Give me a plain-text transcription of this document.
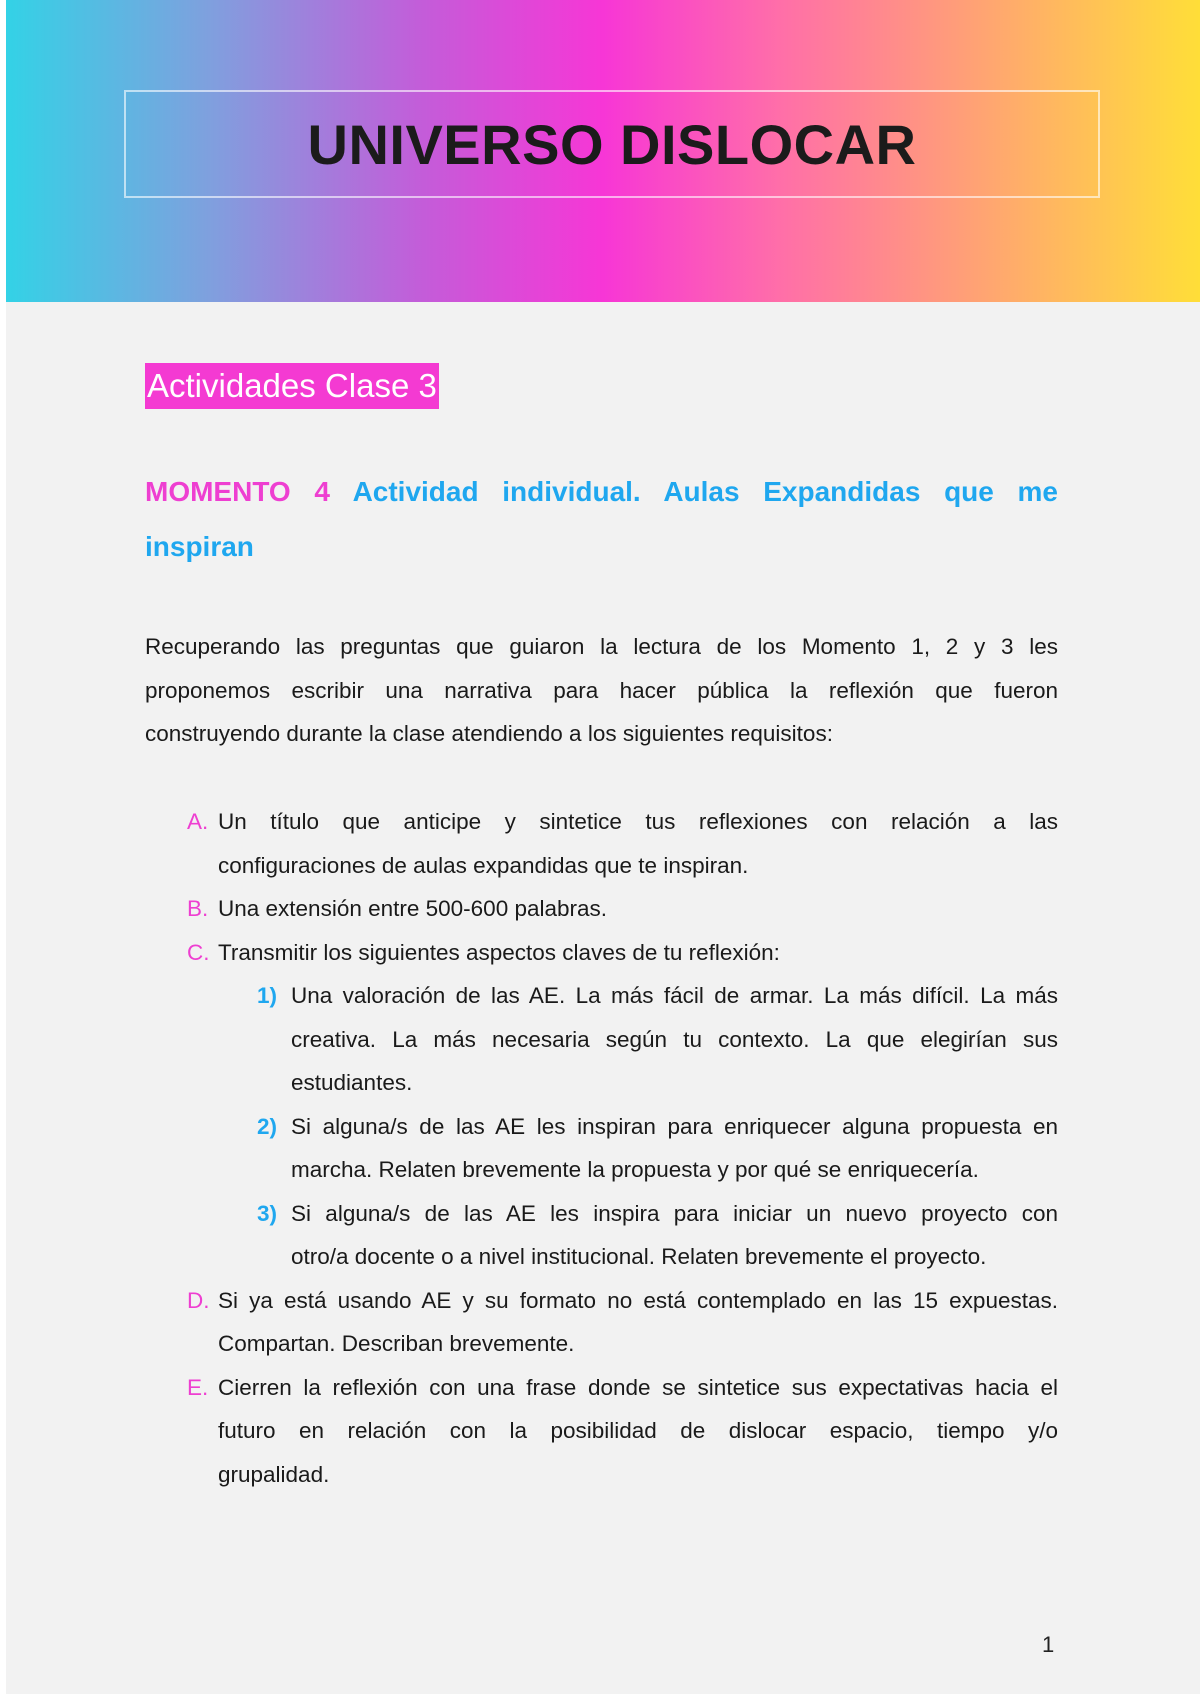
UNIVERSO DISLOCAR
Actividades Clase 3
MOMENTO 4 Actividad individual. Aulas Expandidas que me
inspiran
Recuperando las preguntas que guiaron la lectura de los Momento 1, 2 y 3 les
proponemos escribir una narrativa para hacer pública la reflexión que fueron
construyendo durante la clase atendiendo a los siguientes requisitos:
A. Un título que anticipe y sintetice tus reflexiones con relación a las
configuraciones de aulas expandidas que te inspiran.
B. Una extensión entre 500-600 palabras.
C. Transmitir los siguientes aspectos claves de tu reflexión:
1) Una valoración de las AE. La más fácil de armar. La más difícil. La más
creativa. La más necesaria según tu contexto. La que elegirían sus
estudiantes.
2) Si alguna/s de las AE les inspiran para enriquecer alguna propuesta en
marcha. Relaten brevemente la propuesta y por qué se enriquecería.
3) Si alguna/s de las AE les inspira para iniciar un nuevo proyecto con
otro/a docente o a nivel institucional. Relaten brevemente el proyecto.
D. Si ya está usando AE y su formato no está contemplado en las 15 expuestas.
Compartan. Describan brevemente.
E. Cierren la reflexión con una frase donde se sintetice sus expectativas hacia el
futuro en relación con la posibilidad de dislocar espacio, tiempo y/o
grupalidad.
1
